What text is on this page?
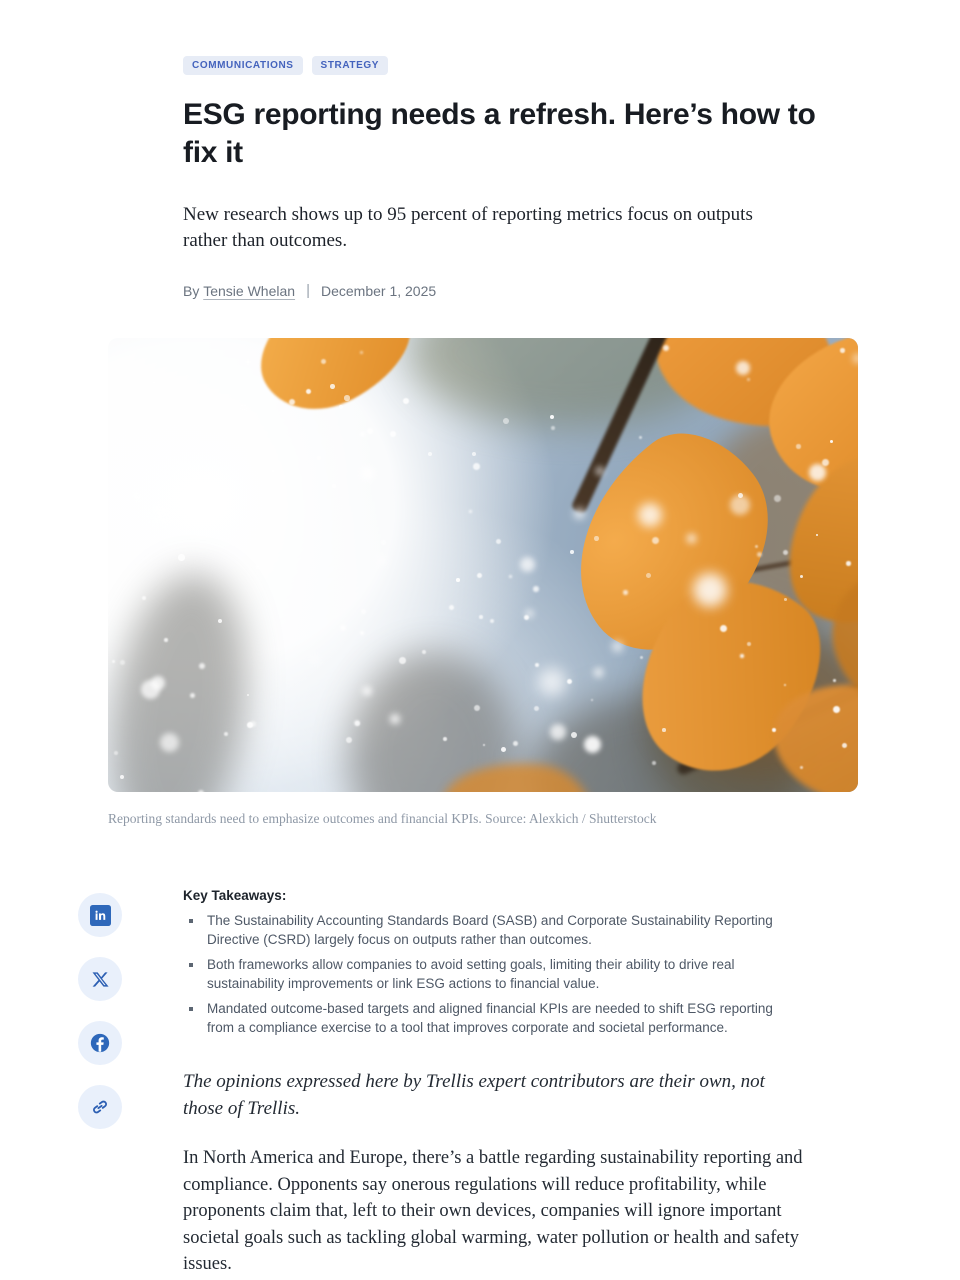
COMMUNICATIONS	STRATEGY
ESG reporting needs a refresh. Here’s how to fix it

New research shows up to 95 percent of reporting metrics focus on outputs rather than outcomes.

By
Tensie Whelan | December 1, 2025
Reporting standards need to emphasize outcomes and financial KPIs. Source: Alexkich / Shutterstock
Key Takeaways:
The Sustainability Accounting Standards Board (SASB) and Corporate Sustainability Reporting Directive (CSRD) largely focus on outputs rather than outcomes.
Both frameworks allow companies to avoid setting goals, limiting their ability to drive real sustainability improvements or link ESG actions to financial value.
Mandated outcome-based targets and aligned financial KPIs are needed to shift ESG reporting from a compliance exercise to a tool that improves corporate and societal performance.

The opinions expressed here by Trellis expert contributors are their own, not those of Trellis.

In North America and Europe, there’s a battle regarding sustainability reporting and compliance. Opponents say onerous regulations will reduce profitability, while proponents claim that, left to their own devices, companies will ignore important societal goals such as tackling global warming, water pollution or health and safety issues.
